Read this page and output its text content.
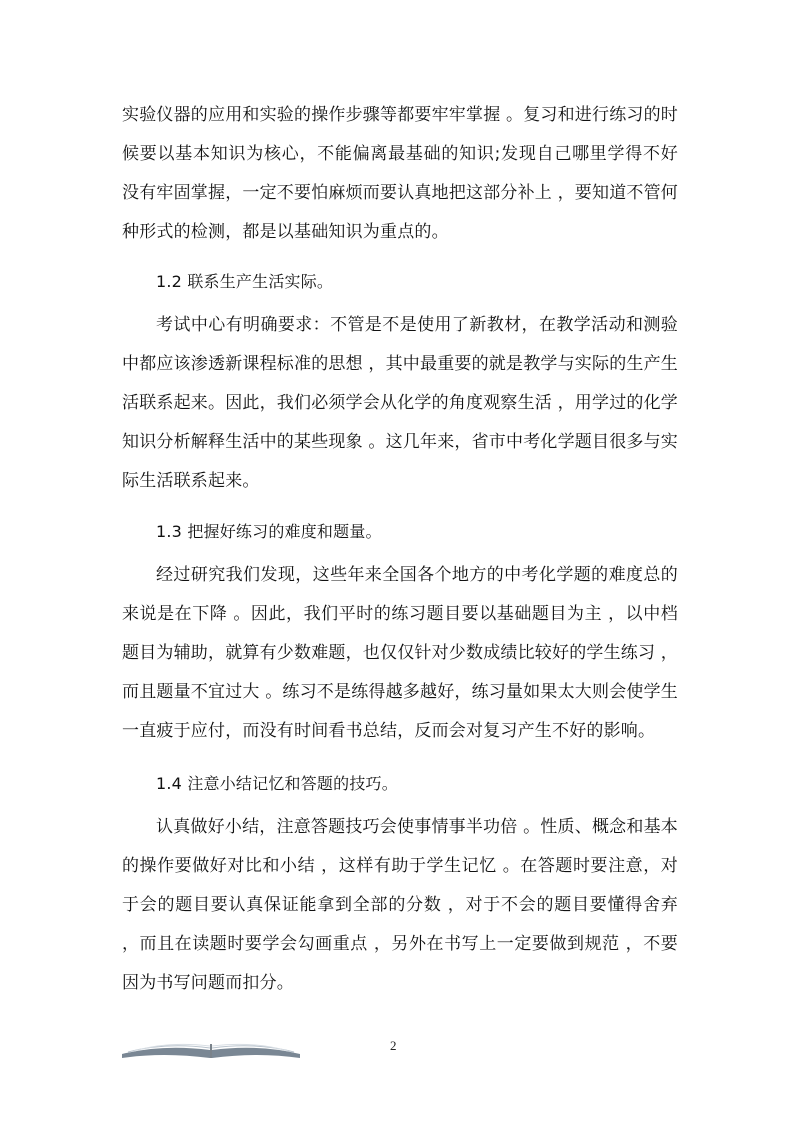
实验仪器的应用和实验的操作步骤等都要牢牢掌握 。复习和进行练习的时候要以基本知识为核心，不能偏离最基础的知识;发现自己哪里学得不好没有牢固掌握，一定不要怕麻烦而要认真地把这部分补上 ，要知道不管何种形式的检测，都是以基础知识为重点的。

1.2 联系生产生活实际。

考试中心有明确要求：不管是不是使用了新教材，在教学活动和测验中都应该渗透新课程标准的思想 ，其中最重要的就是教学与实际的生产生活联系起来。因此，我们必须学会从化学的角度观察生活 ，用学过的化学知识分析解释生活中的某些现象 。这几年来，省市中考化学题目很多与实际生活联系起来。

1.3 把握好练习的难度和题量。

经过研究我们发现，这些年来全国各个地方的中考化学题的难度总的来说是在下降 。因此，我们平时的练习题目要以基础题目为主 ，以中档题目为辅助，就算有少数难题，也仅仅针对少数成绩比较好的学生练习 ，而且题量不宜过大 。练习不是练得越多越好，练习量如果太大则会使学生一直疲于应付，而没有时间看书总结，反而会对复习产生不好的影响。

1.4 注意小结记忆和答题的技巧。

认真做好小结，注意答题技巧会使事情事半功倍 。性质、概念和基本的操作要做好对比和小结 ，这样有助于学生记忆 。在答题时要注意，对于会的题目要认真保证能拿到全部的分数 ，对于不会的题目要懂得舍弃 ，而且在读题时要学会勾画重点 ，另外在书写上一定要做到规范 ，不要因为书写问题而扣分。

2
